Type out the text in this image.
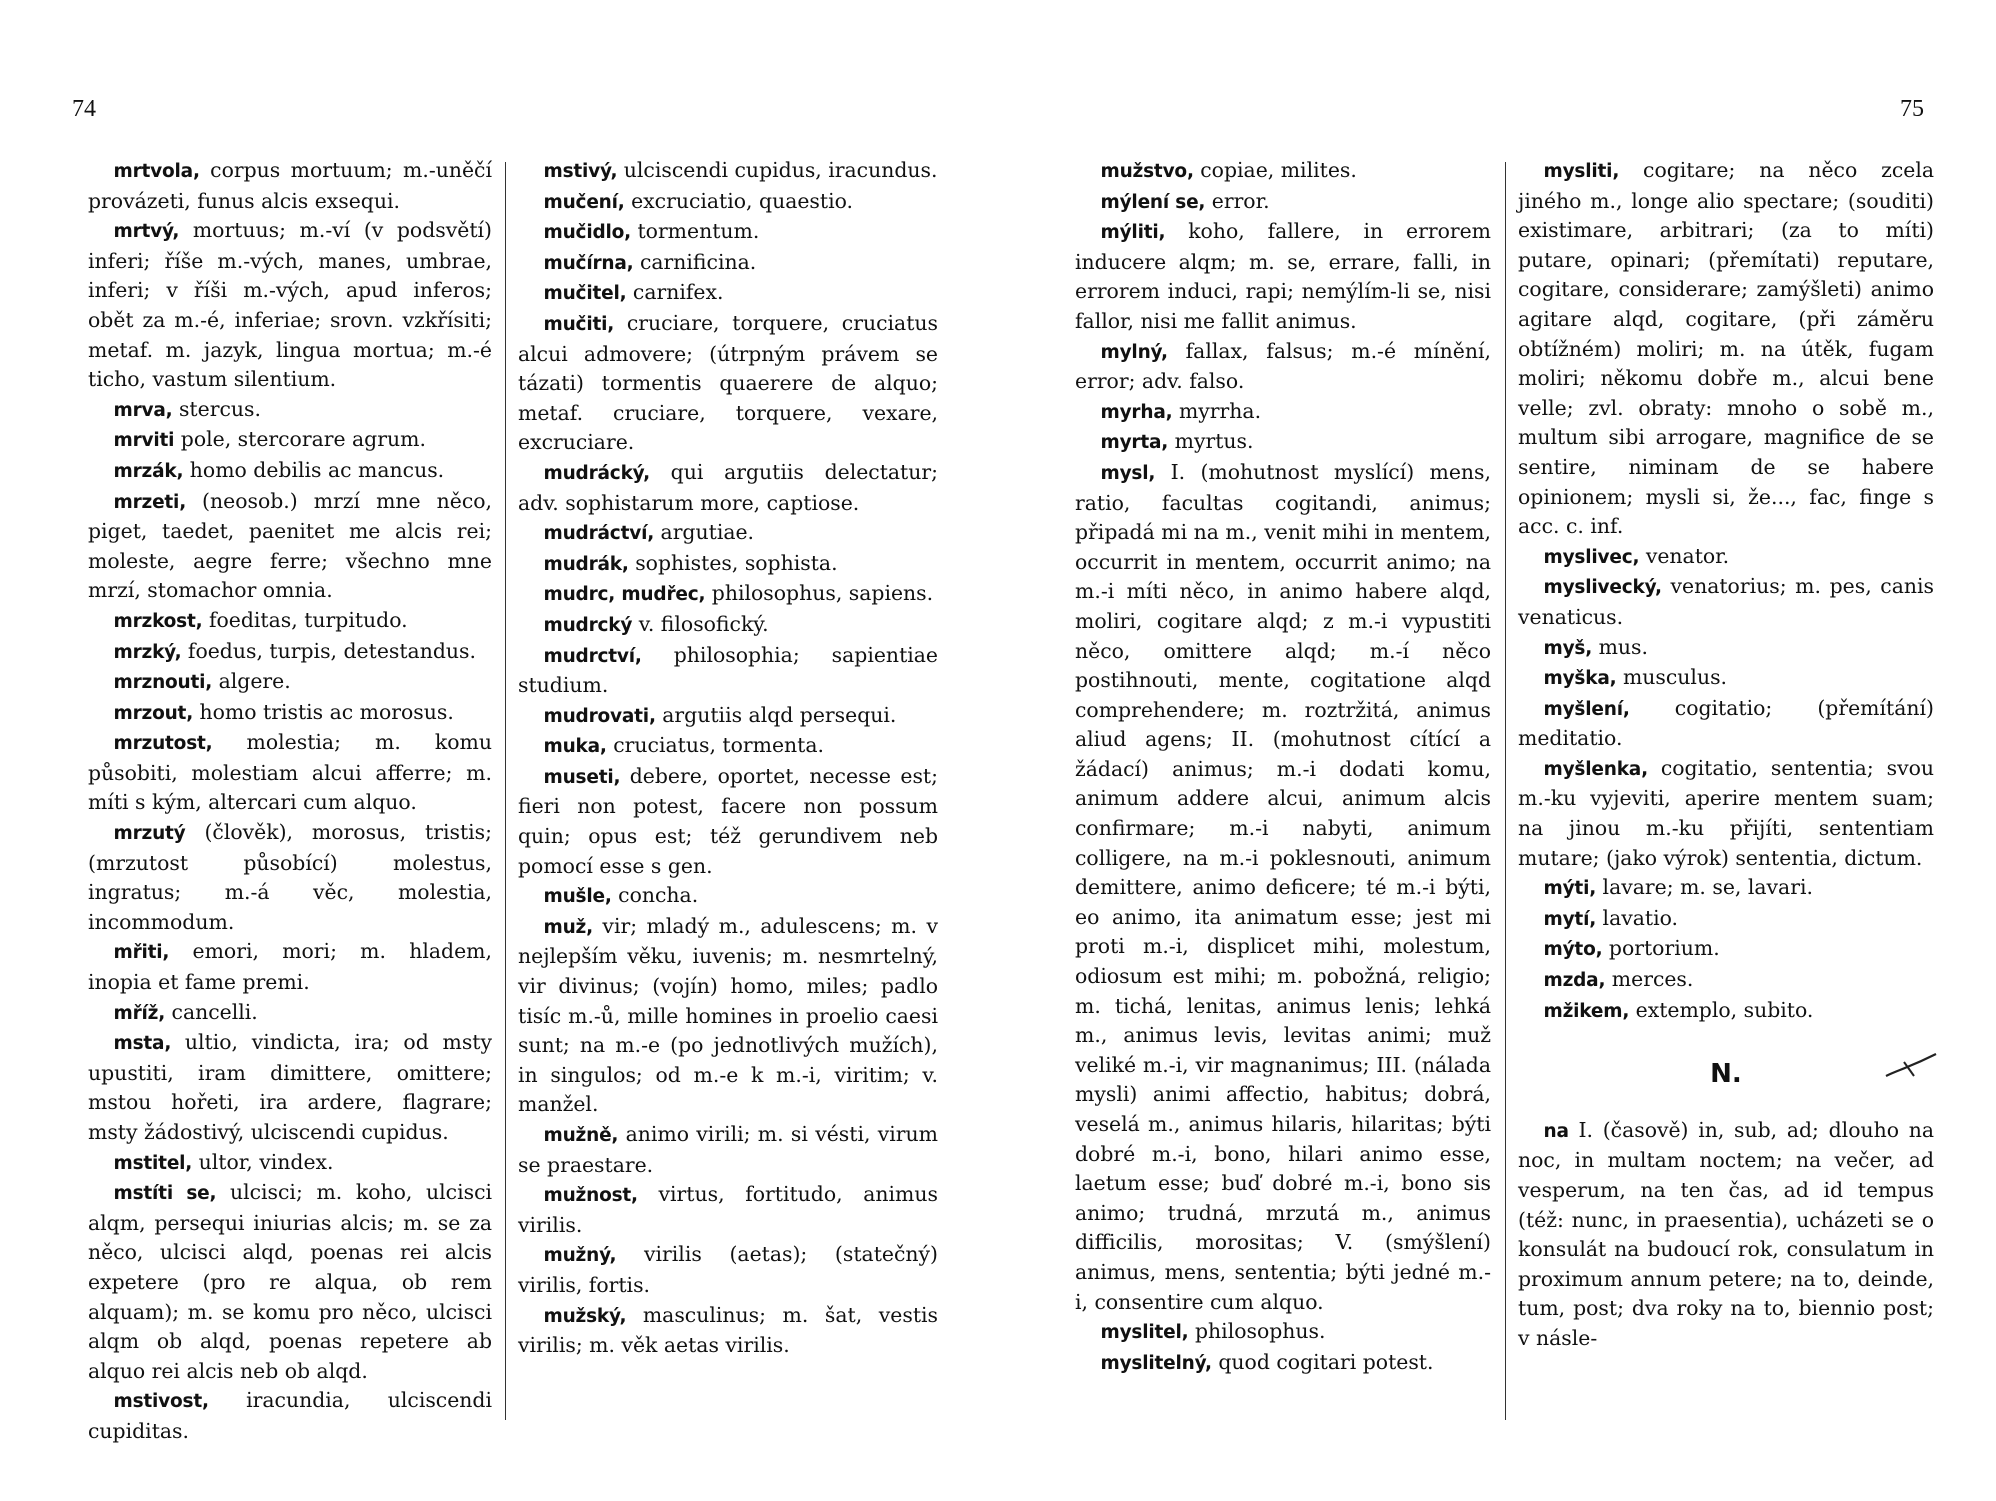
74	75

mrtvola, corpus mortuum; m.-uněčí provázeti, funus alcis exsequi.

mrtvý, mortuus; m.-ví (v podsvětí) inferi; říše m.-vých, manes, umbrae, inferi; v říši m.-vých, apud inferos; obět za m.-é, inferiae; srovn. vzkřísiti; metaf. m. jazyk, lingua mortua; m.-é ticho, vastum silentium.

mrva, stercus.

mrviti pole, stercorare agrum.

mrzák, homo debilis ac mancus.

mrzeti, (neosob.) mrzí mne něco, piget, taedet, paenitet me alcis rei; moleste, aegre ferre; všechno mne mrzí, stomachor omnia.

mrzkost, foeditas, turpitudo.

mrzký, foedus, turpis, detestandus.

mrznouti, algere.

mrzout, homo tristis ac morosus.

mrzutost, molestia; m. komu působiti, molestiam alcui afferre; m. míti s kým, altercari cum alquo.

mrzutý (člověk), morosus, tristis; (mrzutost působící) molestus, ingratus; m.-á věc, molestia, incommodum.

mřiti, emori, mori; m. hladem, inopia et fame premi.

mříž, cancelli.

msta, ultio, vindicta, ira; od msty upustiti, iram dimittere, omittere; mstou hořeti, ira ardere, flagrare; msty žádostivý, ulciscendi cupidus.

mstitel, ultor, vindex.

mstíti se, ulcisci; m. koho, ulcisci alqm, persequi iniurias alcis; m. se za něco, ulcisci alqd, poenas rei alcis expetere (pro re alqua, ob rem alquam); m. se komu pro něco, ulcisci alqm ob alqd, poenas repetere ab alquo rei alcis neb ob alqd.

mstivost, iracundia, ulciscendi cupiditas.

mstivý, ulciscendi cupidus, iracundus.

mučení, excruciatio, quaestio.

mučidlo, tormentum.

mučírna, carnificina.

mučitel, carnifex.

mučiti, cruciare, torquere, cruciatus alcui admovere; (útrpným právem se tázati) tormentis quaerere de alquo; metaf. cruciare, torquere, vexare, excruciare.

mudrácký, qui argutiis delectatur; adv. sophistarum more, captiose.

mudráctví, argutiae.

mudrák, sophistes, sophista.

mudrc, mudřec, philosophus, sapiens.

mudrcký v. filosofický.

mudrctví, philosophia; sapientiae studium.

mudrovati, argutiis alqd persequi.

muka, cruciatus, tormenta.

museti, debere, oportet, necesse est; fieri non potest, facere non possum quin; opus est; též gerundivem neb pomocí esse s gen.

mušle, concha.

muž, vir; mladý m., adulescens; m. v nejlepším věku, iuvenis; m. nesmrtelný, vir divinus; (vojín) homo, miles; padlo tisíc m.-ů, mille homines in proelio caesi sunt; na m.-e (po jednotlivých mužích), in singulos; od m.-e k m.-i, viritim; v. manžel.

mužně, animo virili; m. si vésti, virum se praestare.

mužnost, virtus, fortitudo, animus virilis.

mužný, virilis (aetas); (statečný) virilis, fortis.

mužský, masculinus; m. šat, vestis virilis; m. věk aetas virilis.

mužstvo, copiae, milites.

mýlení se, error.

mýliti, koho, fallere, in errorem inducere alqm; m. se, errare, falli, in errorem induci, rapi; nemýlím-li se, nisi fallor, nisi me fallit animus.

mylný, fallax, falsus; m.-é mínění, error; adv. falso.

myrha, myrrha.

myrta, myrtus.

mysl, I. (mohutnost myslící) mens, ratio, facultas cogitandi, animus; připadá mi na m., venit mihi in mentem, occurrit in mentem, occurrit animo; na m.-i míti něco, in animo habere alqd, moliri, cogitare alqd; z m.-i vypustiti něco, omittere alqd; m.-í něco postihnouti, mente, cogitatione alqd comprehendere; m. roztržitá, animus aliud agens; II. (mohutnost cítící a žádací) animus; m.-i dodati komu, animum addere alcui, animum alcis confirmare; m.-i nabyti, animum colligere, na m.-i poklesnouti, animum demittere, animo deficere; té m.-i býti, eo animo, ita animatum esse; jest mi proti m.-i, displicet mihi, molestum, odiosum est mihi; m. pobožná, religio; m. tichá, lenitas, animus lenis; lehká m., animus levis, levitas animi; muž veliké m.-i, vir magnanimus; III. (nálada mysli) animi affectio, habitus; dobrá, veselá m., animus hilaris, hilaritas; býti dobré m.-i, bono, hilari animo esse, laetum esse; buď dobré m.-i, bono sis animo; trudná, mrzutá m., animus difficilis, morositas; V. (smýšlení) animus, mens, sententia; býti jedné m.-i, consentire cum alquo.

myslitel, philosophus.

myslitelný, quod cogitari potest.

mysliti, cogitare; na něco zcela jiného m., longe alio spectare; (souditi) existimare, arbitrari; (za to míti) putare, opinari; (přemítati) reputare, cogitare, considerare; zamýšleti) animo agitare alqd, cogitare, (při záměru obtížném) moliri; m. na útěk, fugam moliri; někomu dobře m., alcui bene velle; zvl. obraty: mnoho o sobě m., multum sibi arrogare, magnifice de se sentire, niminam de se habere opinionem; mysli si, že..., fac, finge s acc. c. inf.

myslivec, venator.

myslivecký, venatorius; m. pes, canis venaticus.

myš, mus.

myška, musculus.

myšlení, cogitatio; (přemítání) meditatio.

myšlenka, cogitatio, sententia; svou m.-ku vyjeviti, aperire mentem suam; na jinou m.-ku přijíti, sententiam mutare; (jako výrok) sententia, dictum.

mýti, lavare; m. se, lavari.

mytí, lavatio.

mýto, portorium.

mzda, merces.

mžikem, extemplo, subito.

N.

na I. (časově) in, sub, ad; dlouho na noc, in multam noctem; na večer, ad vesperum, na ten čas, ad id tempus (též: nunc, in praesentia), ucházeti se o konsulát na budoucí rok, consulatum in proximum annum petere; na to, deinde, tum, post; dva roky na to, biennio post; v násle-
